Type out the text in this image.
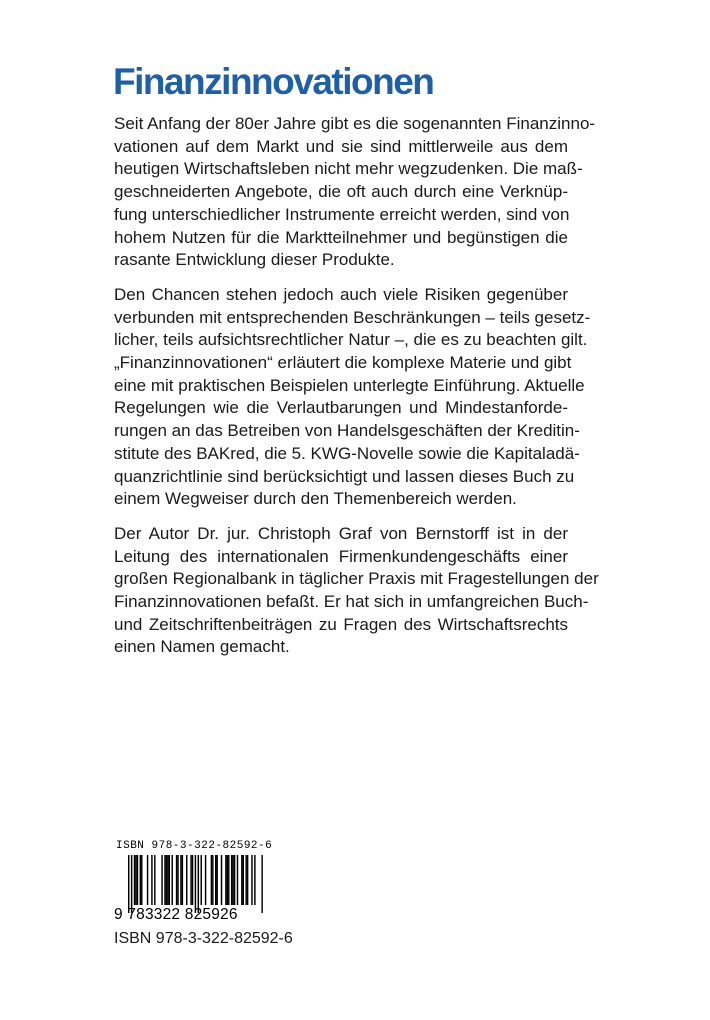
Finanzinnovationen

Seit Anfang der 80er Jahre gibt es die sogenannten Finanzinno-
vationen auf dem Markt und sie sind mittlerweile aus dem
heutigen Wirtschaftsleben nicht mehr wegzudenken. Die maß-
geschneiderten Angebote, die oft auch durch eine Verknüp-
fung unterschiedlicher Instrumente erreicht werden, sind von
hohem Nutzen für die Marktteilnehmer und begünstigen die
rasante Entwicklung dieser Produkte.

Den Chancen stehen jedoch auch viele Risiken gegenüber
verbunden mit entsprechenden Beschränkungen – teils gesetz-
licher, teils aufsichtsrechtlicher Natur –, die es zu beachten gilt.
„Finanzinnovationen“ erläutert die komplexe Materie und gibt
eine mit praktischen Beispielen unterlegte Einführung. Aktuelle
Regelungen wie die Verlautbarungen und Mindestanforde-
rungen an das Betreiben von Handelsgeschäften der Kreditin-
stitute des BAKred, die 5. KWG-Novelle sowie die Kapitaladä-
quanzrichtlinie sind berücksichtigt und lassen dieses Buch zu
einem Wegweiser durch den Themenbereich werden.

Der Autor Dr. jur. Christoph Graf von Bernstorff ist in der
Leitung des internationalen Firmenkundengeschäfts einer
großen Regionalbank in täglicher Praxis mit Fragestellungen der
Finanzinnovationen befaßt. Er hat sich in umfangreichen Buch-
und Zeitschriftenbeiträgen zu Fragen des Wirtschaftsrechts
einen Namen gemacht.

ISBN 978-3-322-82592-6
9 783322 825926
ISBN 978-3-322-82592-6
